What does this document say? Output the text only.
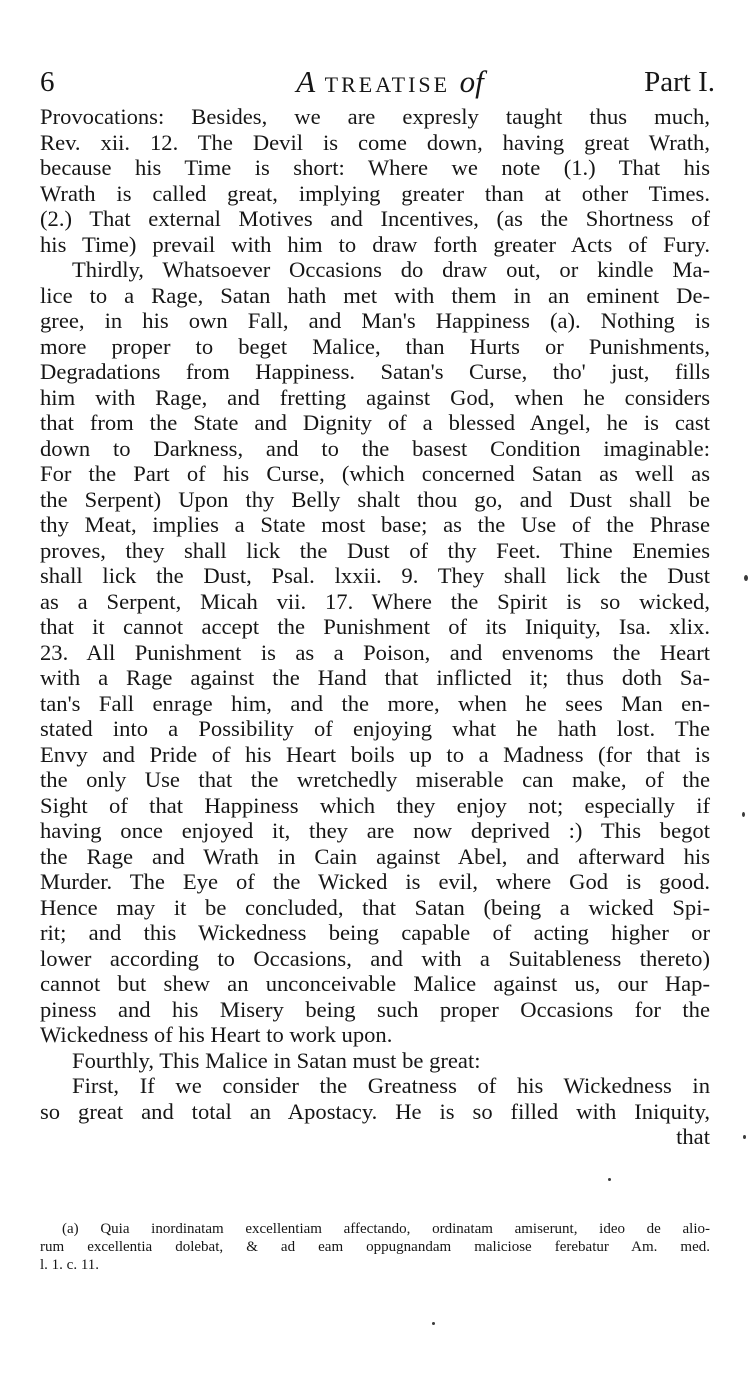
6	A TREATISE of	Part I.
Provocations: Besides, we are expresly taught thus much,
Rev. xii. 12. The Devil is come down, having great Wrath,
because his Time is short: Where we note (1.) That his
Wrath is called great, implying greater than at other Times.
(2.) That external Motives and Incentives, (as the Shortness of
his Time) prevail with him to draw forth greater Acts of Fury.
Thirdly, Whatsoever Occasions do draw out, or kindle Ma-
lice to a Rage, Satan hath met with them in an eminent De-
gree, in his own Fall, and Man's Happiness (a). Nothing is
more proper to beget Malice, than Hurts or Punishments,
Degradations from Happiness. Satan's Curse, tho' just, fills
him with Rage, and fretting against God, when he considers
that from the State and Dignity of a blessed Angel, he is cast
down to Darkness, and to the basest Condition imaginable:
For the Part of his Curse, (which concerned Satan as well as
the Serpent) Upon thy Belly shalt thou go, and Dust shall be
thy Meat, implies a State most base; as the Use of the Phrase
proves, they shall lick the Dust of thy Feet. Thine Enemies
shall lick the Dust, Psal. lxxii. 9. They shall lick the Dust
as a Serpent, Micah vii. 17. Where the Spirit is so wicked,
that it cannot accept the Punishment of its Iniquity, Isa. xlix.
23. All Punishment is as a Poison, and envenoms the Heart
with a Rage against the Hand that inflicted it; thus doth Sa-
tan's Fall enrage him, and the more, when he sees Man en-
stated into a Possibility of enjoying what he hath lost. The
Envy and Pride of his Heart boils up to a Madness (for that is
the only Use that the wretchedly miserable can make, of the
Sight of that Happiness which they enjoy not; especially if
having once enjoyed it, they are now deprived :) This begot
the Rage and Wrath in Cain against Abel, and afterward his
Murder. The Eye of the Wicked is evil, where God is good.
Hence may it be concluded, that Satan (being a wicked Spi-
rit; and this Wickedness being capable of acting higher or
lower according to Occasions, and with a Suitableness thereto)
cannot but shew an unconceivable Malice against us, our Hap-
piness and his Misery being such proper Occasions for the
Wickedness of his Heart to work upon.
Fourthly, This Malice in Satan must be great:
First, If we consider the Greatness of his Wickedness in
so great and total an Apostacy. He is so filled with Iniquity,
that
(a) Quia inordinatam excellentiam affectando, ordinatam amiserunt, ideo de alio-
rum excellentia dolebat, & ad eam oppugnandam maliciose ferebatur Am. med.
l. 1. c. 11.
